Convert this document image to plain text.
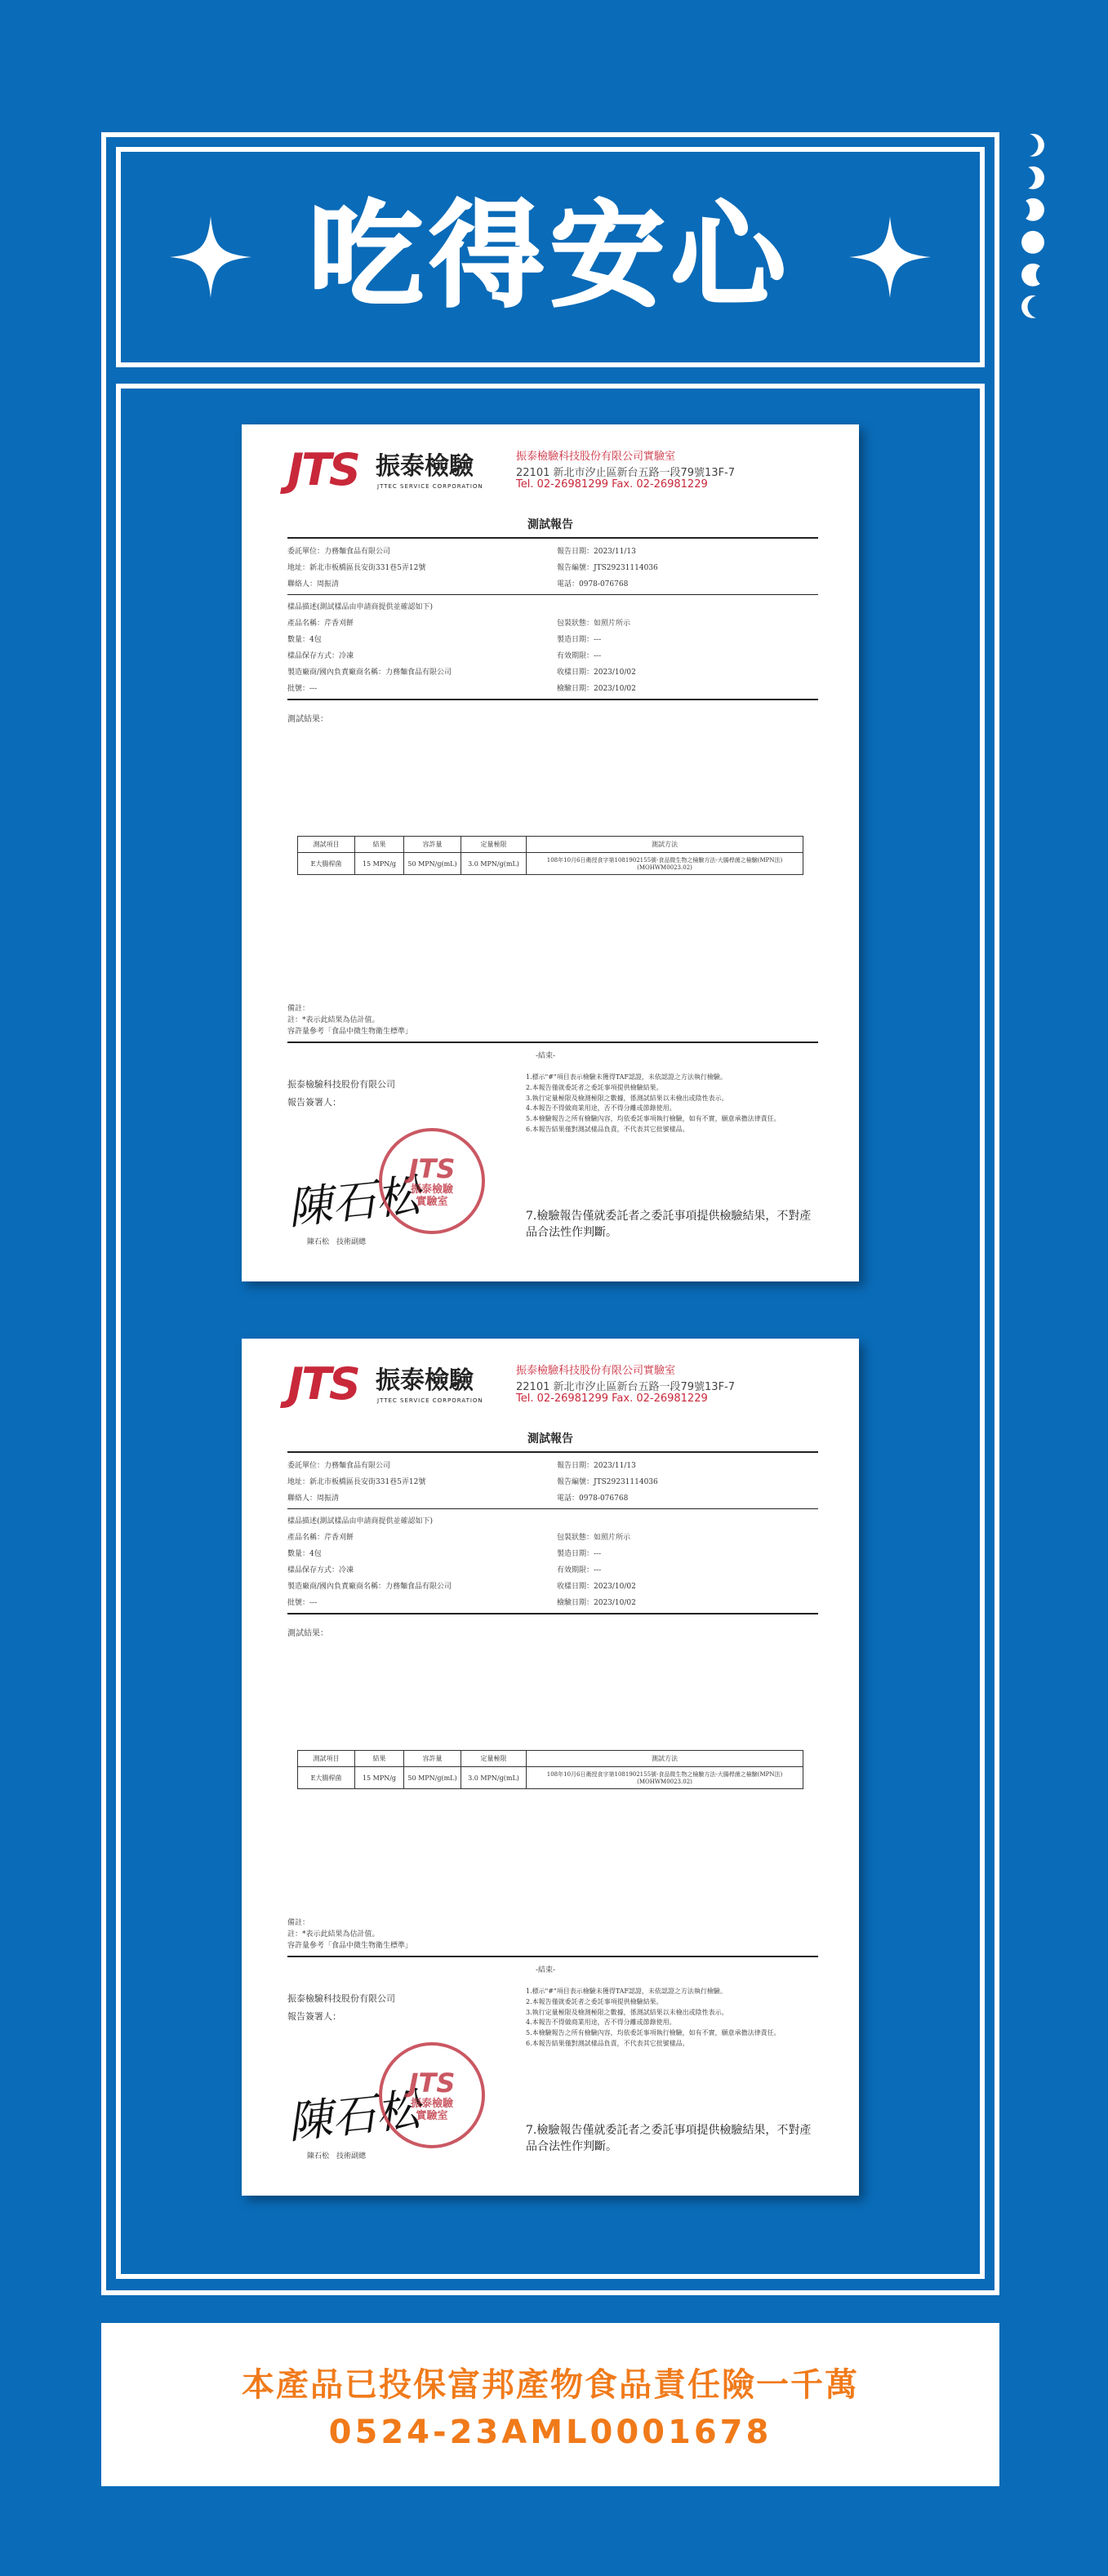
吃得安心
JTS 振泰檢驗
JTTEC SERVICE CORPORATION
振泰檢驗科技股份有限公司實驗室
22101 新北市汐止區新台五路一段79號13F-7
Tel. 02-26981299 Fax. 02-26981229
測試報告
委託單位：力務麵食品有限公司
地址：新北市板橋區長安街331巷5弄12號
聯絡人：周振清
報告日期：2023/11/13
報告編號：JTS29231114036
電話：0978-076768
樣品描述(測試樣品由申請商提供並確認如下)
產品名稱：芹香刈餅
數量：4包
樣品保存方式：冷凍
製造廠商/國內負責廠商名稱：力務麵食品有限公司
批號：---
包裝狀態：如照片所示
製造日期：---
有效期限：---
收樣日期：2023/10/02
檢驗日期：2023/10/02
測試結果：
測試項目	結果	容許量	定量極限	測試方法
E大腸桿菌	15 MPN/g	50 MPN/g(mL)	3.0 MPN/g(mL)	108年10月6日衛授食字第1081902155號-食品微生物之檢驗方法-大腸桿菌之檢驗(MPN法)(MOHWM0023.02)
備註：
註：*表示此結果為估計值。
容許量參考「食品中微生物衛生標準」
-結束-
振泰檢驗科技股份有限公司
報告簽署人：
1.標示"#"項目表示檢驗未獲得TAF認證，未依認證之方法執行檢驗。
2.本報告僅就委託者之委託事項提供檢驗結果。
3.執行定量極限及檢測極限之數據，係測試結果以未檢出或陰性表示。
4.本報告不得做商業用途，否不得分離或節錄使用。
5.本檢驗報告之所有檢驗內容，均依委託事項執行檢驗，如有不實，願意承擔法律責任。
6.本報告結果僅對測試樣品負責，不代表其它批號樣品。
7.檢驗報告僅就委託者之委託事項提供檢驗結果，不對產品合法性作判斷。
陳石松
JTS
振泰檢驗
實驗室
陳石松　技術副總
JTS 振泰檢驗
JTTEC SERVICE CORPORATION
振泰檢驗科技股份有限公司實驗室
22101 新北市汐止區新台五路一段79號13F-7
Tel. 02-26981299 Fax. 02-26981229
測試報告
委託單位：力務麵食品有限公司
地址：新北市板橋區長安街331巷5弄12號
聯絡人：周振清
報告日期：2023/11/13
報告編號：JTS29231114036
電話：0978-076768
樣品描述(測試樣品由申請商提供並確認如下)
產品名稱：芹香刈餅
數量：4包
樣品保存方式：冷凍
製造廠商/國內負責廠商名稱：力務麵食品有限公司
批號：---
包裝狀態：如照片所示
製造日期：---
有效期限：---
收樣日期：2023/10/02
檢驗日期：2023/10/02
測試結果：
測試項目	結果	容許量	定量極限	測試方法
E大腸桿菌	15 MPN/g	50 MPN/g(mL)	3.0 MPN/g(mL)	108年10月6日衛授食字第1081902155號-食品微生物之檢驗方法-大腸桿菌之檢驗(MPN法)(MOHWM0023.02)
備註：
註：*表示此結果為估計值。
容許量參考「食品中微生物衛生標準」
-結束-
振泰檢驗科技股份有限公司
報告簽署人：
1.標示"#"項目表示檢驗未獲得TAF認證，未依認證之方法執行檢驗。
2.本報告僅就委託者之委託事項提供檢驗結果。
3.執行定量極限及檢測極限之數據，係測試結果以未檢出或陰性表示。
4.本報告不得做商業用途，否不得分離或節錄使用。
5.本檢驗報告之所有檢驗內容，均依委託事項執行檢驗，如有不實，願意承擔法律責任。
6.本報告結果僅對測試樣品負責，不代表其它批號樣品。
7.檢驗報告僅就委託者之委託事項提供檢驗結果，不對產品合法性作判斷。
陳石松
JTS
振泰檢驗
實驗室
陳石松　技術副總
本產品已投保富邦產物食品責任險一千萬
0524-23AML0001678
